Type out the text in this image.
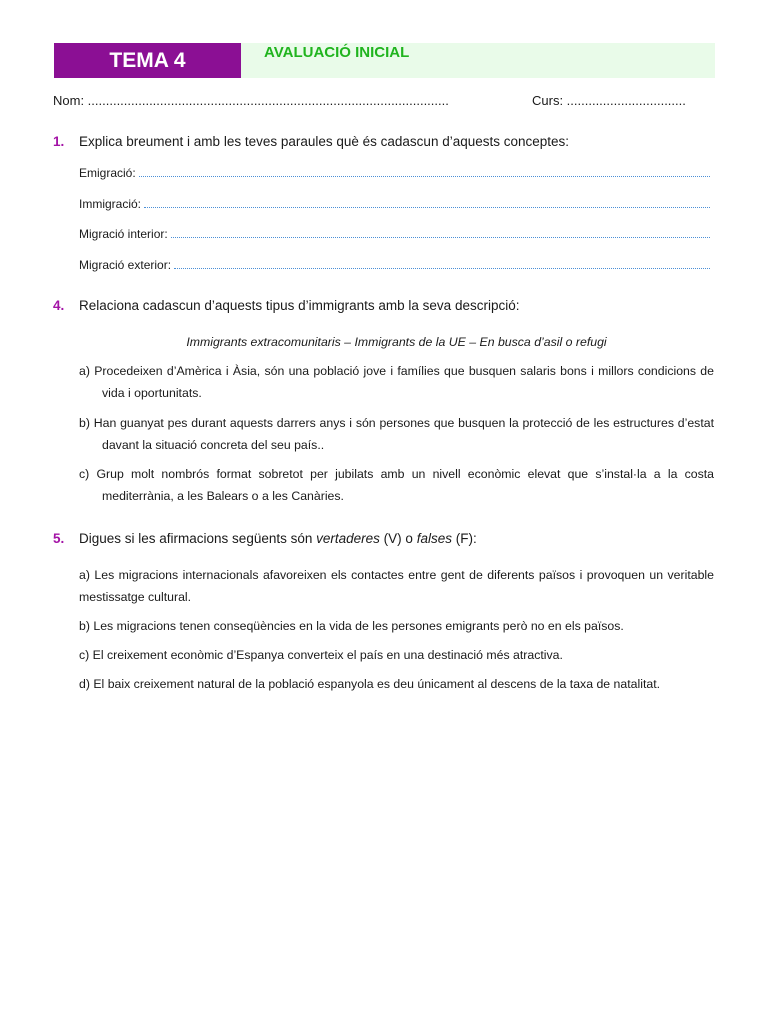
TEMA 4	AVALUACIÓ INICIAL
Nom: ....................................................................................................	Curs: .................................
1. Explica breument i amb les teves paraules què és cadascun d’aquests conceptes:
Emigració:
Immigració:
Migració interior:
Migració exterior:
4. Relaciona cadascun d’aquests tipus d’immigrants amb la seva descripció:
Immigrants extracomunitaris – Immigrants de la UE – En busca d’asil o refugi
a) Procedeixen d’Amèrica i Àsia, són una població jove i famílies que busquen salaris bons i millors condicions de vida i oportunitats.
b) Han guanyat pes durant aquests darrers anys i són persones que busquen la protecció de les estructures d’estat davant la situació concreta del seu país..
c) Grup molt nombrós format sobretot per jubilats amb un nivell econòmic elevat que s’instal·la a la costa mediterrània, a les Balears o a les Canàries.
5. Digues si les afirmacions següents són vertaderes (V) o falses (F):
a) Les migracions internacionals afavoreixen els contactes entre gent de diferents països i provoquen un veritable mestissatge cultural.
b) Les migracions tenen conseqüències en la vida de les persones emigrants però no en els països.
c) El creixement econòmic d’Espanya converteix el país en una destinació més atractiva.
d) El baix creixement natural de la població espanyola es deu únicament al descens de la taxa de natalitat.
